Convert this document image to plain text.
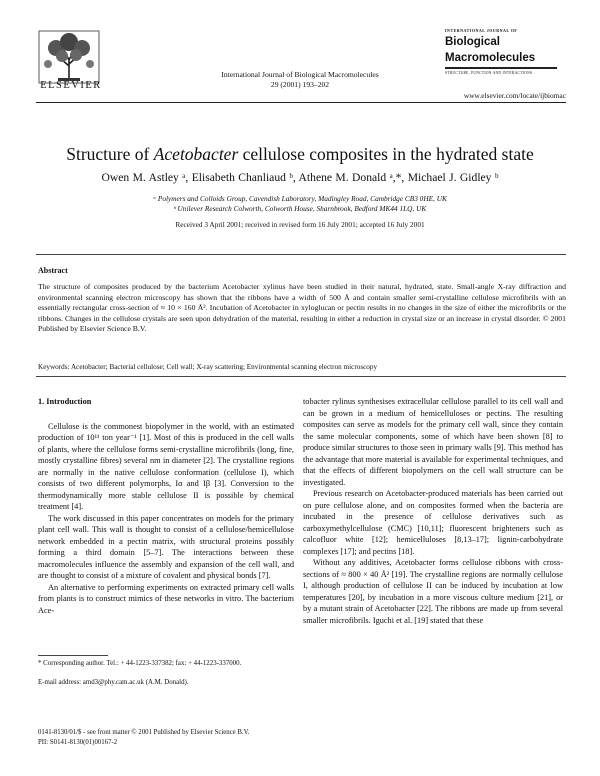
ELSEVIER
International Journal of Biological Macromolecules
29 (2001) 193–202
INTERNATIONAL JOURNAL OF
Biological
Macromolecules
STRUCTURE, FUNCTION AND INTERACTIONS
www.elsevier.com/locate/ijbiomac
Structure of Acetobacter cellulose composites in the hydrated state
Owen M. Astley ᵃ, Elisabeth Chanliaud ᵇ, Athene M. Donald ᵃ,*, Michael J. Gidley ᵇ
ᵃ Polymers and Colloids Group, Cavendish Laboratory, Madingley Road, Cambridge CB3 0HE, UK
ᵇ Unilever Research Colworth, Colworth House, Sharnbrook, Bedford MK44 1LQ, UK
Received 3 April 2001; received in revised form 16 July 2001; accepted 16 July 2001
Abstract
The structure of composites produced by the bacterium Acetobacter xylinus have been studied in their natural, hydrated, state. Small-angle X-ray diffraction and environmental scanning electron microscopy has shown that the ribbons have a width of 500 Å and contain smaller semi-crystalline cellulose microfibrils with an essentially rectangular cross-section of ≈ 10 × 160 Å². Incubation of Acetobacter in xyloglucan or pectin results in no changes in the size of either the microfibrils or the ribbons. Changes in the cellulose crystals are seen upon dehydration of the material, resulting in either a reduction in crystal size or an increase in crystal disorder. © 2001 Published by Elsevier Science B.V.
Keywords: Acetobacter; Bacterial cellulose; Cell wall; X-ray scattering; Environmental scanning electron microscopy
1. Introduction

Cellulose is the commonest biopolymer in the world, with an estimated production of 10¹¹ ton year⁻¹ [1]. Most of this is produced in the cell walls of plants, where the cellulose forms semi-crystalline microfibrils (long, fine, mostly crystalline fibres) several nm in diameter [2]. The crystalline regions are normally in the native cellulose conformation (cellulose I), which consists of two different polymorphs, Iα and Iβ [3]. Conversion to the thermodynamically more stable cellulose II is possible by chemical treatment [4].

The work discussed in this paper concentrates on models for the primary plant cell wall. This wall is thought to consist of a cellulose/hemicellulose network embedded in a pectin matrix, with structural proteins possibly forming a third domain [5–7]. The interactions between these macromolecules influence the assembly and expansion of the cell wall, and are thought to consist of a mixture of covalent and physical bonds [7].

An alternative to performing experiments on extracted primary cell walls from plants is to construct mimics of these networks in vitro. The bacterium Ace-

tobacter rylinus synthesises extracellular cellulose parallel to its cell wall and can be grown in a medium of hemicelluloses or pectins. The resulting composites can serve as models for the primary cell wall, since they contain the same molecular components, some of which have been shown [8] to produce similar structures to those seen in primary walls [9]. This method has the advantage that more material is available for experimental techniques, and that the effects of different biopolymers on the cell wall structure can be investigated.

Previous research on Acetobacter-produced materials has been carried out on pure cellulose alone, and on composites formed when the bacteria are incubated in the presence of cellulose derivatives such as carboxymethylcellulose (CMC) [10,11]; fluorescent brighteners such as calcofluor white [12]; hemicelluloses [8,13–17]; lignin-carbohydrate complexes [17]; and pectins [18].

Without any additives, Acetobacter forms cellulose ribbons with cross-sections of ≈ 800 × 40 Å² [19]. The crystalline regions are normally cellulose I, although production of cellulose II can be induced by incubation at low temperatures [20], by incubation in a more viscous culture medium [21], or by a mutant strain of Acetobacter [22]. The ribbons are made up from several smaller microfibrils. Iguchi et al. [19] stated that these

* Corresponding author. Tel.: + 44-1223-337382; fax: + 44-1223-337000.
E-mail address: amd3@phy.cam.ac.uk (A.M. Donald).
0141-8130/01/$ - see front matter © 2001 Published by Elsevier Science B.V.
PII: S0141-8130(01)00167-2
